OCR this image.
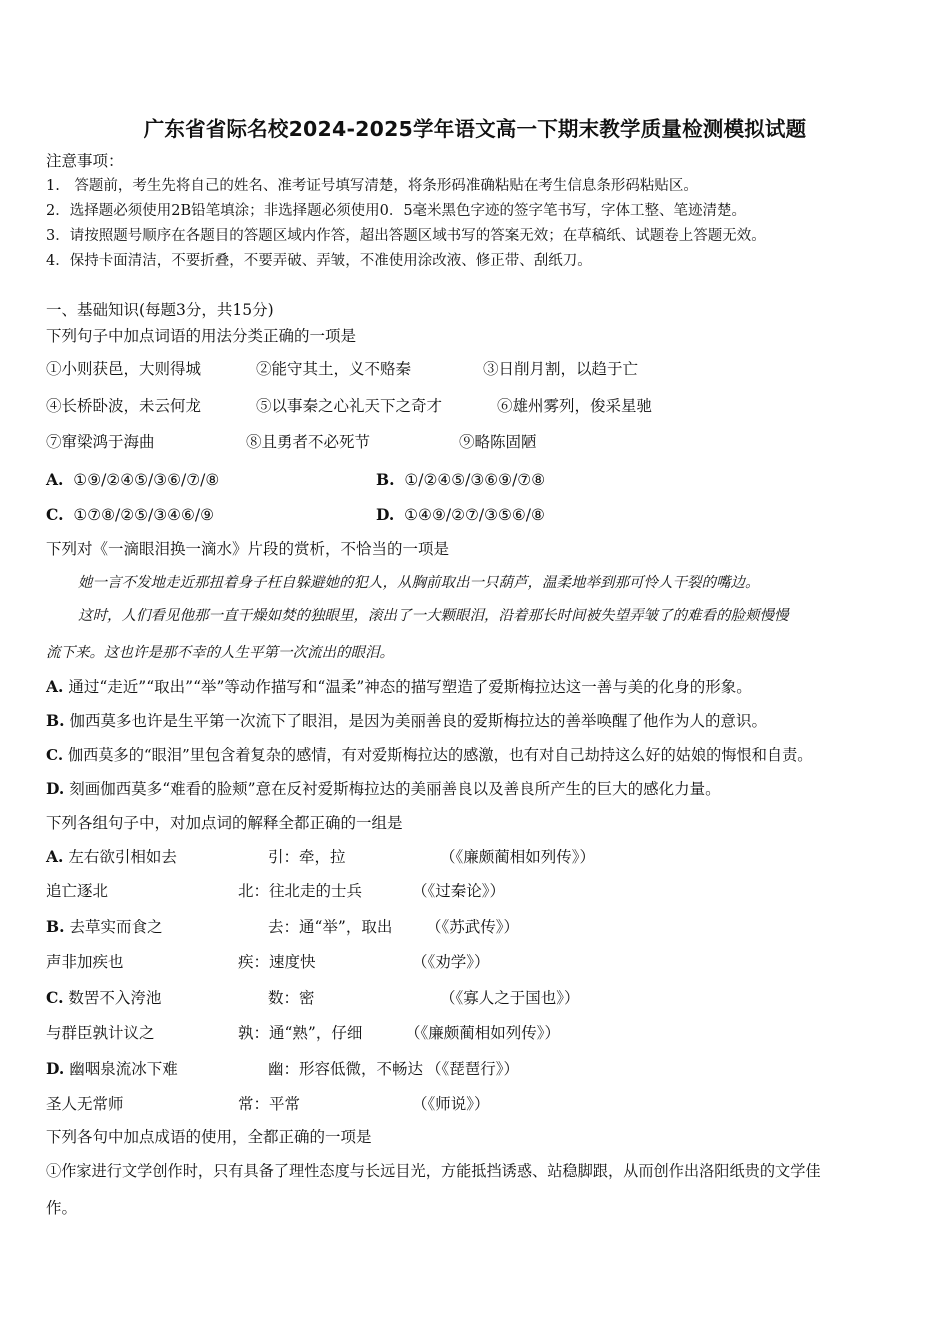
广东省省际名校2024-2025学年语文高一下期末教学质量检测模拟试题
注意事项：
1.　答题前，考生先将自己的姓名、准考证号填写清楚，将条形码准确粘贴在考生信息条形码粘贴区。
2．选择题必须使用2B铅笔填涂；非选择题必须使用0．5毫米黑色字迹的签字笔书写，字体工整、笔迹清楚。
3．请按照题号顺序在各题目的答题区域内作答，超出答题区域书写的答案无效；在草稿纸、试题卷上答题无效。
4．保持卡面清洁，不要折叠，不要弄破、弄皱，不准使用涂改液、修正带、刮纸刀。
一、基础知识(每题3分，共15分)
下列句子中加点词语的用法分类正确的一项是
①小则获邑，大则得城	②能守其土，义不赂秦	③日削月割，以趋于亡
④长桥卧波，未云何龙	⑤以事秦之心礼天下之奇才	⑥雄州雾列，俊采星驰
⑦窜梁鸿于海曲	⑧且勇者不必死节	⑨略陈固陋
A. ①⑨/②④⑤/③⑥/⑦/⑧	B. ①/②④⑤/③⑥⑨/⑦⑧
C. ①⑦⑧/②⑤/③④⑥/⑨	D. ①④⑨/②⑦/③⑤⑥/⑧
下列对《一滴眼泪换一滴水》片段的赏析，不恰当的一项是
她一言不发地走近那扭着身子枉自躲避她的犯人，从胸前取出一只葫芦，温柔地举到那可怜人干裂的嘴边。
这时，人们看见他那一直干燥如焚的独眼里，滚出了一大颗眼泪，沿着那长时间被失望弄皱了的难看的脸颊慢慢
流下来。这也许是那不幸的人生平第一次流出的眼泪。
A. 通过“走近”“取出”“举”等动作描写和“温柔”神态的描写塑造了爱斯梅拉达这一善与美的化身的形象。
B. 伽西莫多也许是生平第一次流下了眼泪，是因为美丽善良的爱斯梅拉达的善举唤醒了他作为人的意识。
C. 伽西莫多的“眼泪”里包含着复杂的感情，有对爱斯梅拉达的感激，也有对自己劫持这么好的姑娘的悔恨和自责。
D. 刻画伽西莫多“难看的脸颊”意在反衬爱斯梅拉达的美丽善良以及善良所产生的巨大的感化力量。
下列各组句子中，对加点词的解释全都正确的一组是
A. 左右欲引相如去	引：牵，拉	（《廉颇蔺相如列传》）
追亡逐北	北：往北走的士兵	（《过秦论》）
B. 去草实而食之	去：通“举”，取出 （《苏武传》）
声非加疾也	疾：速度快	（《劝学》）
C. 数罟不入洿池	数：密	（《寡人之于国也》）
与群臣孰计议之	孰：通“熟”，仔细	（《廉颇蔺相如列传》）
D. 幽咽泉流冰下难	幽：形容低微，不畅达 （《琵琶行》）
圣人无常师	常：平常	（《师说》）
下列各句中加点成语的使用，全都正确的一项是
①作家进行文学创作时，只有具备了理性态度与长远目光，方能抵挡诱惑、站稳脚跟，从而创作出洛阳纸贵的文学佳
作。
